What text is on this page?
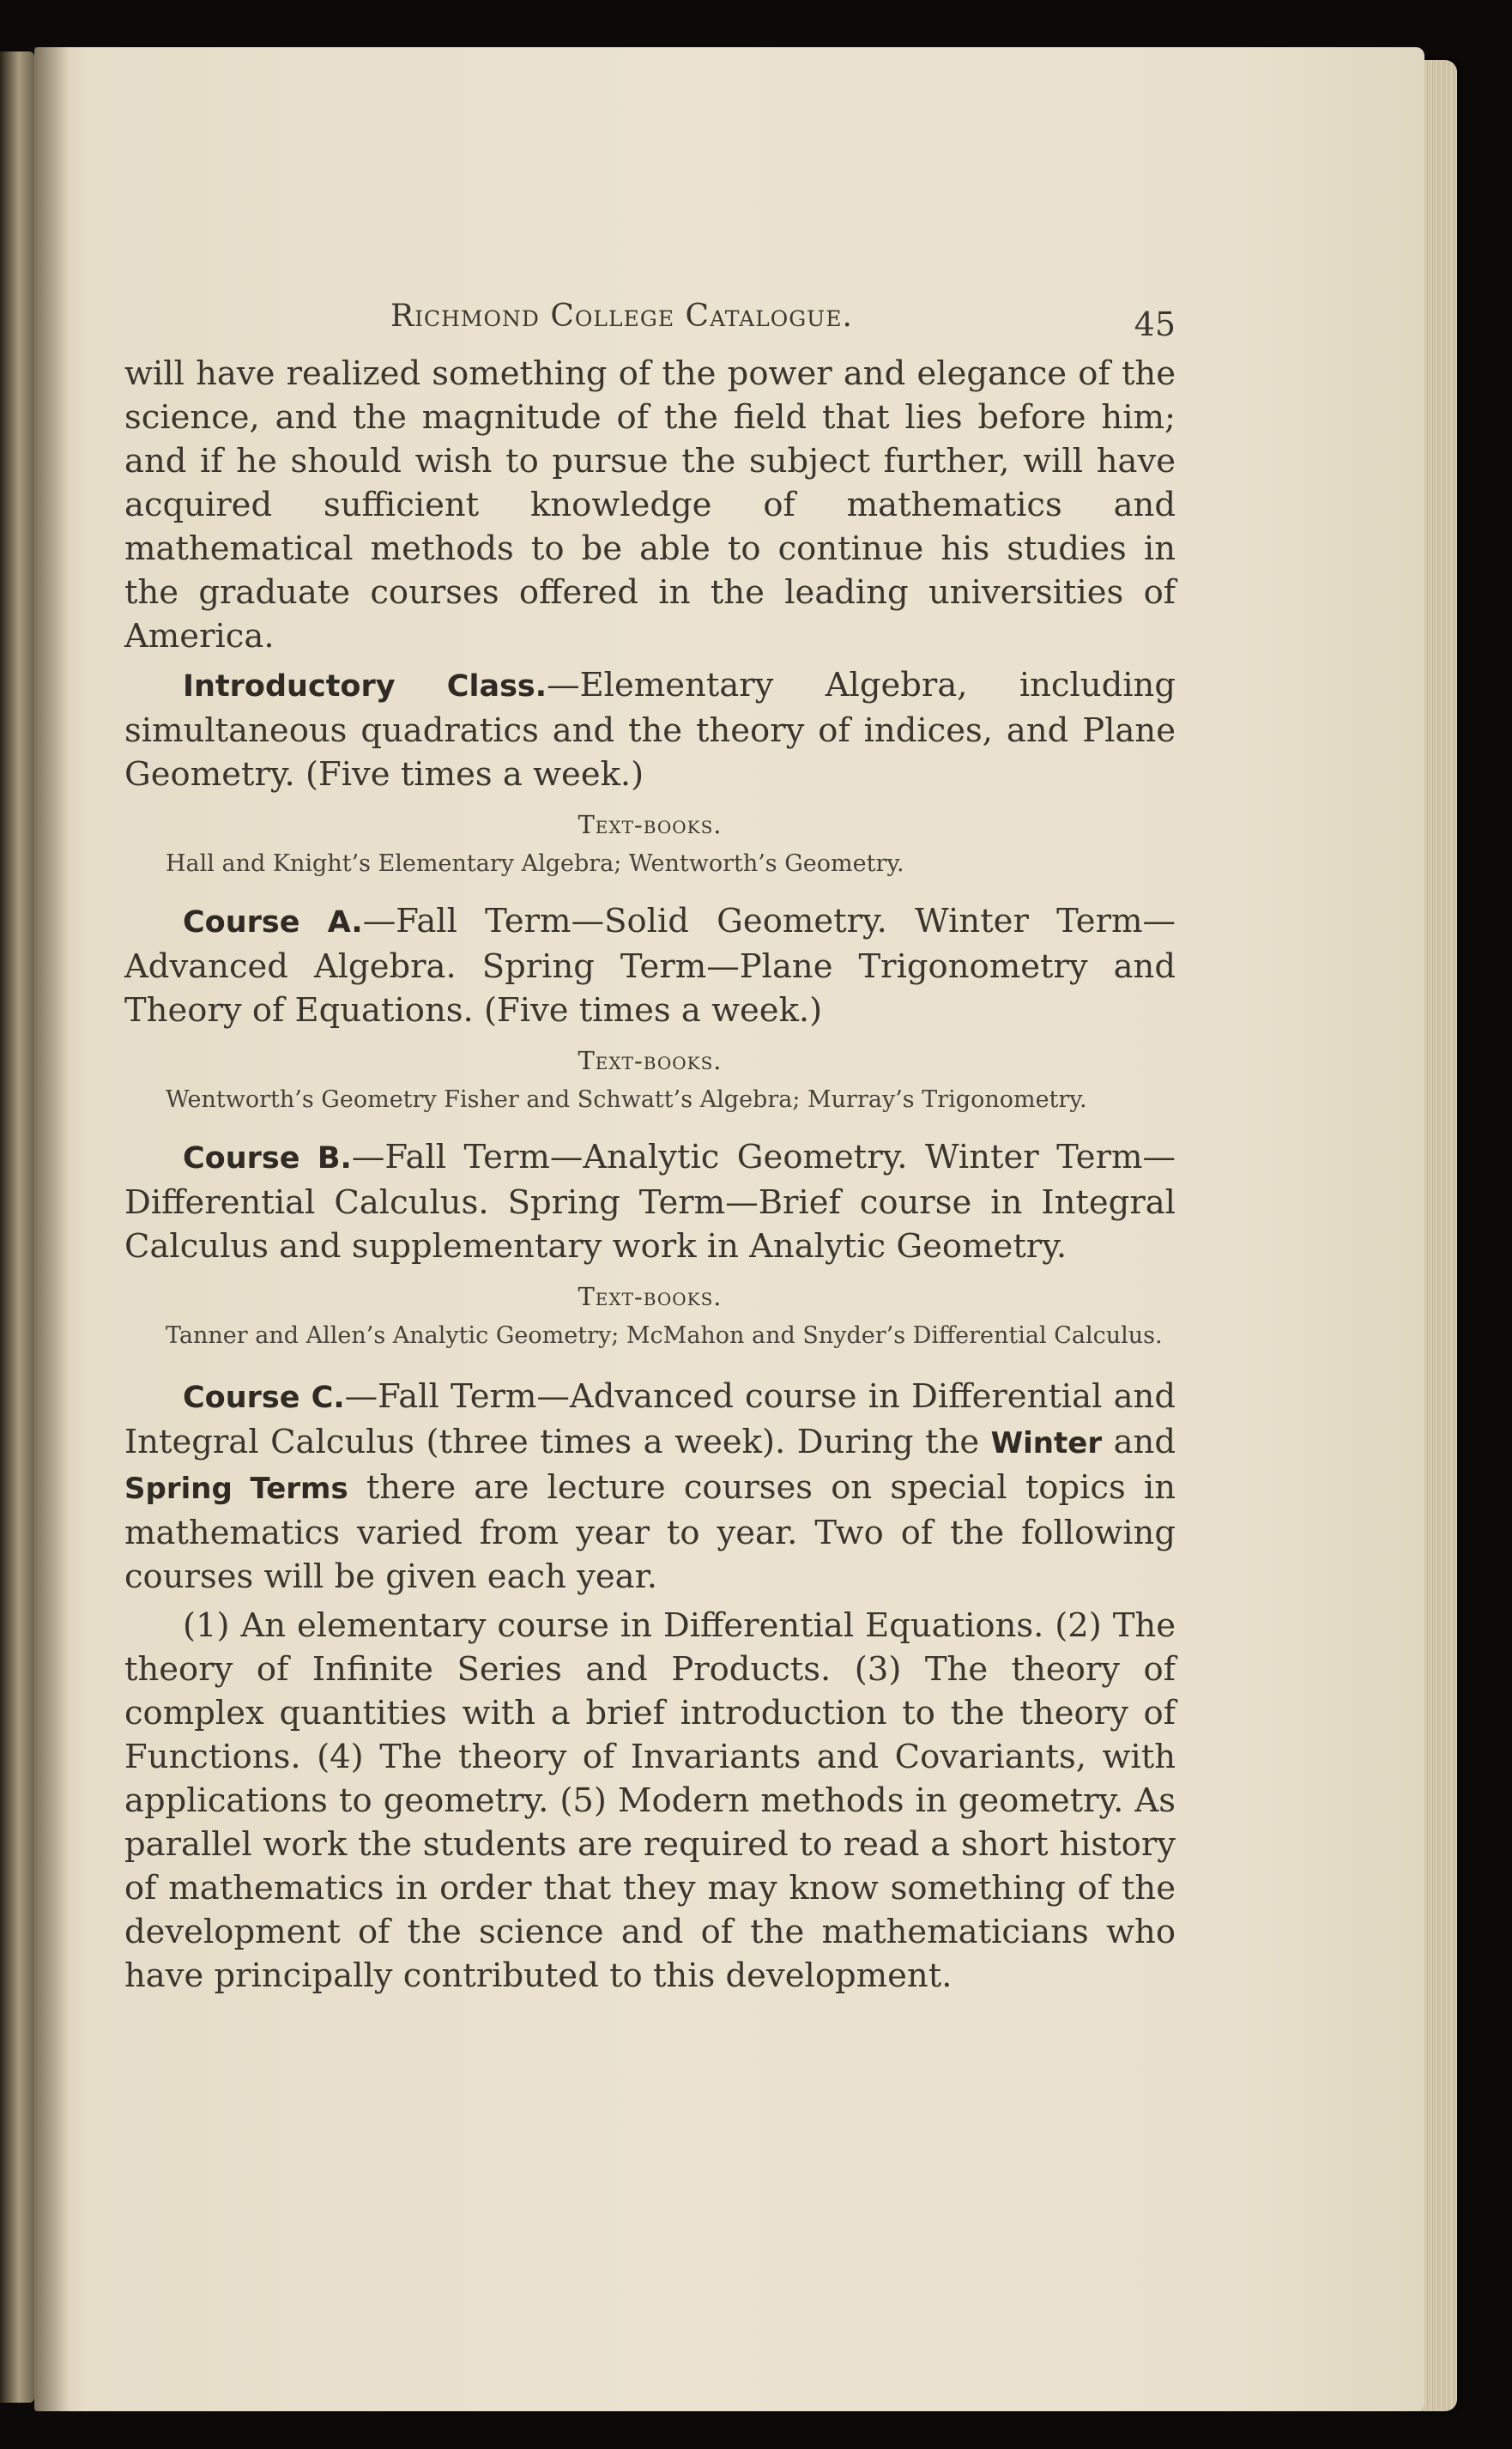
Richmond College Catalogue.	45

will have realized something of the power and elegance of the science, and the magnitude of the field that lies before him; and if he should wish to pursue the subject further, will have acquired sufficient knowledge of mathematics and mathematical methods to be able to continue his studies in the graduate courses offered in the leading universities of America.

Introductory Class.—Elementary Algebra, including simultaneous quadratics and the theory of indices, and Plane Geometry. (Five times a week.)

Text-books.

Hall and Knight’s Elementary Algebra; Wentworth’s Geometry.

Course A.—Fall Term—Solid Geometry. Winter Term—Advanced Algebra. Spring Term—Plane Trigonometry and Theory of Equations. (Five times a week.)

Text-books.

Wentworth’s Geometry Fisher and Schwatt’s Algebra; Murray’s Trigonometry.

Course B.—Fall Term—Analytic Geometry. Winter Term—Differential Calculus. Spring Term—Brief course in Integral Calculus and supplementary work in Analytic Geometry.

Text-books.

Tanner and Allen’s Analytic Geometry; McMahon and Snyder’s Differential Calculus.

Course C.—Fall Term—Advanced course in Differential and Integral Calculus (three times a week). During the Winter and Spring Terms there are lecture courses on special topics in mathematics varied from year to year. Two of the following courses will be given each year.

(1) An elementary course in Differential Equations. (2) The theory of Infinite Series and Products. (3) The theory of complex quantities with a brief introduction to the theory of Functions. (4) The theory of Invariants and Covariants, with applications to geometry. (5) Modern methods in geometry. As parallel work the students are required to read a short history of mathematics in order that they may know something of the development of the science and of the mathematicians who have principally contributed to this development.
